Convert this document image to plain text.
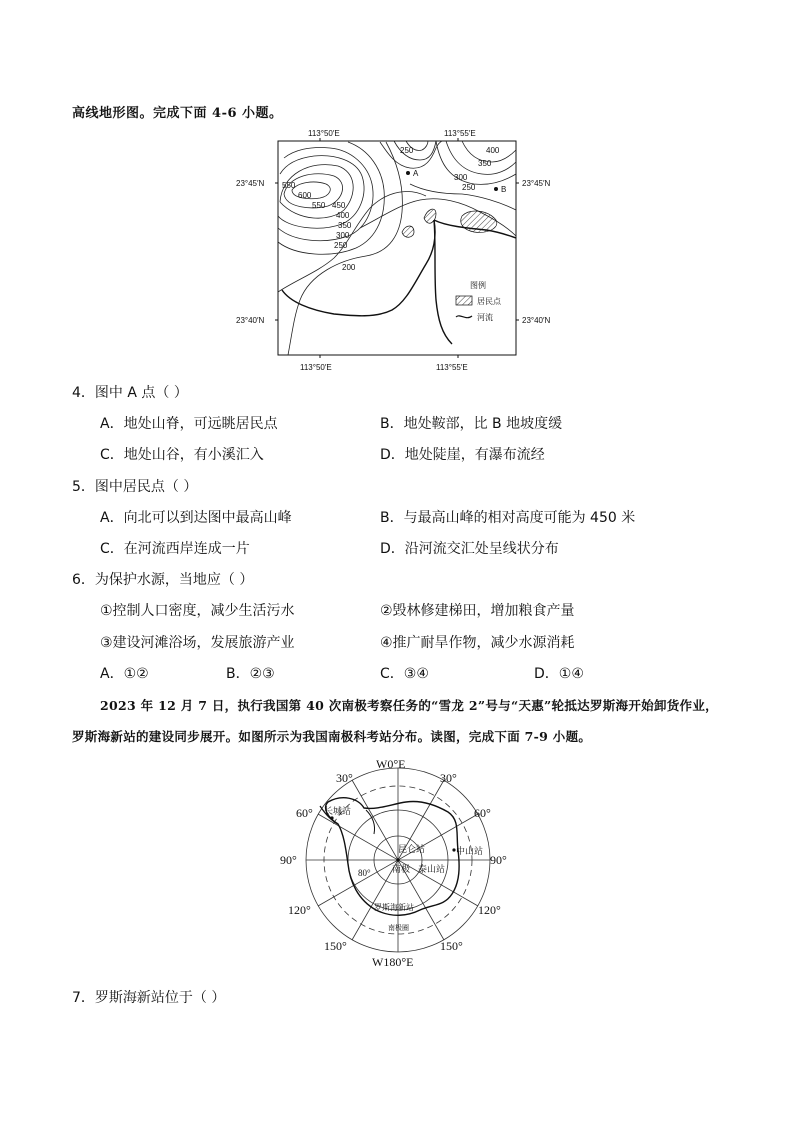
高线地形图。完成下面 4-6 小题。
113°50′E	113°55′E
23°45′N	23°45′N
23°40′N	23°40′N
113°50′E	113°55′E
250	400
350
300
250
550
600
550 450
400
350
300
250
200
A
B
图例
居民点
河流
4．图中 A 点（ ）
A．地处山脊，可远眺居民点	B．地处鞍部，比 B 地坡度缓
C．地处山谷，有小溪汇入	D．地处陡崖，有瀑布流经
5．图中居民点（ ）
A．向北可以到达图中最高山峰	B．与最高山峰的相对高度可能为 450 米
C．在河流西岸连成一片	D．沿河流交汇处呈线状分布
6．为保护水源，当地应（ ）
①控制人口密度，减少生活污水	②毁林修建梯田，增加粮食产量
③建设河滩浴场，发展旅游产业	④推广耐旱作物，减少水源消耗
A．①②	B．②③	C．③④	D．①④
2023 年 12 月 7 日，执行我国第 40 次南极考察任务的“雪龙 2”号与“天惠”轮抵达罗斯海开始卸货作业，
罗斯海新站的建设同步展开。如图所示为我国南极科考站分布。读图，完成下面 7-9 小题。
W0°E
W180°E
30°
60°
90°
120°
150°
30°
60°
90°
120°
150°
长城站
昆仑站	中山站
泰山站
南极
80°
罗斯海新站
南极圈
7．罗斯海新站位于（ ）
